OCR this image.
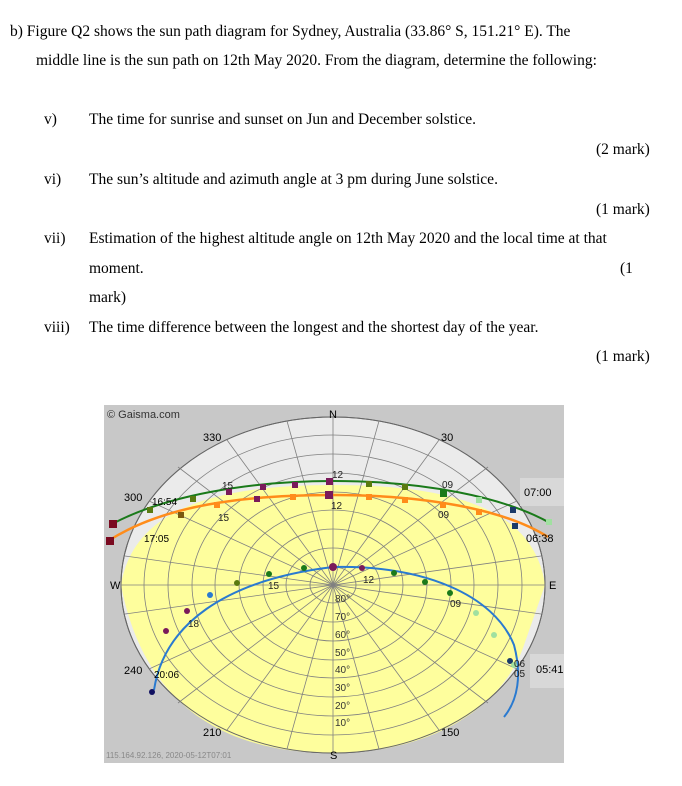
b) Figure Q2 shows the sun path diagram for Sydney, Australia (33.86° S, 151.21° E). The
middle line is the sun path on 12th May 2020. From the diagram, determine the following:
v) The time for sunrise and sunset on Jun and December solstice.
(2 mark)
vi) The sun’s altitude and azimuth angle at 3 pm during June solstice.
(1 mark)
vii) Estimation of the highest altitude angle on 12th May 2020 and the local time at that
moment.	(1
mark)
viii) The time difference between the longest and the shortest day of the year.
(1 mark)
© Gaisma.com
115.164.92.126, 2020-05-12T07:01
N
S
E
W
330	30
300
240
210	150
80°
70°
60°
50°
40°
30°
20°
10°
15
12
09
15
12
09
18
15
12
09
06
05
07:00
06:38
16:54
17:05
05:41
20:06
